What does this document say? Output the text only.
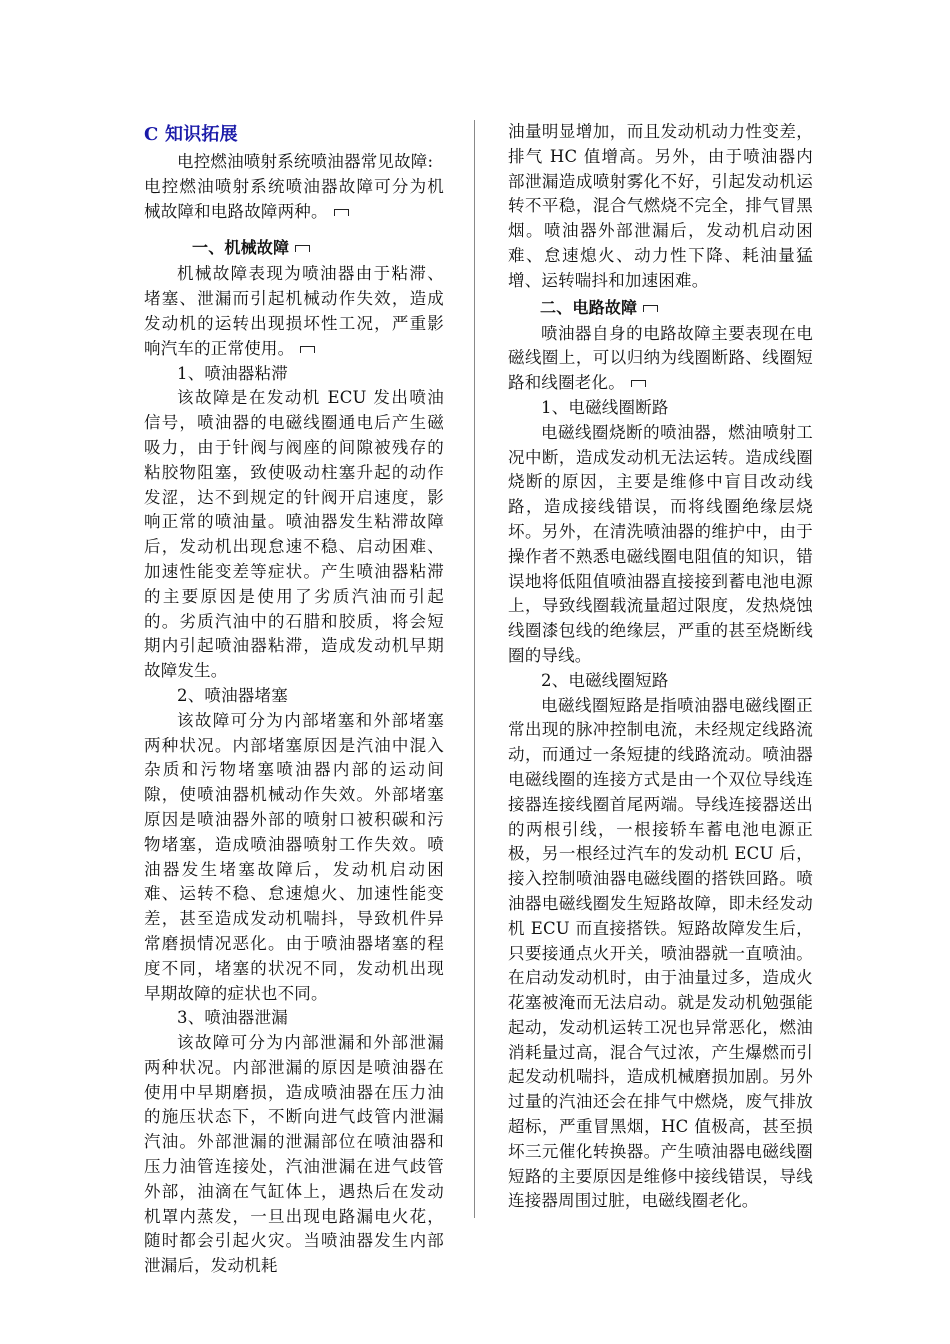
C 知识拓展

电控燃油喷射系统喷油器常见故障:

电控燃油喷射系统喷油器故障可分为机械故障和电路故障两种。

一、机械故障

机械故障表现为喷油器由于粘滞、堵塞、泄漏而引起机械动作失效，造成发动机的运转出现损坏性工况，严重影响汽车的正常使用。

1、喷油器粘滞

该故障是在发动机 ECU 发出喷油信号，喷油器的电磁线圈通电后产生磁吸力，由于针阀与阀座的间隙被残存的粘胶物阻塞，致使吸动柱塞升起的动作发涩，达不到规定的针阀开启速度，影响正常的喷油量。喷油器发生粘滞故障后，发动机出现怠速不稳、启动困难、加速性能变差等症状。产生喷油器粘滞的主要原因是使用了劣质汽油而引起的。劣质汽油中的石腊和胶质，将会短期内引起喷油器粘滞，造成发动机早期故障发生。

2、喷油器堵塞

该故障可分为内部堵塞和外部堵塞两种状况。内部堵塞原因是汽油中混入杂质和污物堵塞喷油器内部的运动间隙，使喷油器机械动作失效。外部堵塞原因是喷油器外部的喷射口被积碳和污物堵塞，造成喷油器喷射工作失效。喷油器发生堵塞故障后，发动机启动困难、运转不稳、怠速熄火、加速性能变差，甚至造成发动机喘抖，导致机件异常磨损情况恶化。由于喷油器堵塞的程度不同，堵塞的状况不同，发动机出现早期故障的症状也不同。

3、喷油器泄漏

该故障可分为内部泄漏和外部泄漏两种状况。内部泄漏的原因是喷油器在使用中早期磨损，造成喷油器在压力油的施压状态下，不断向进气歧管内泄漏汽油。外部泄漏的泄漏部位在喷油器和压力油管连接处，汽油泄漏在进气歧管外部，油滴在气缸体上，遇热后在发动机罩内蒸发，一旦出现电路漏电火花，随时都会引起火灾。当喷油器发生内部泄漏后，发动机耗

油量明显增加，而且发动机动力性变差，排气 HC 值增高。另外，由于喷油器内部泄漏造成喷射雾化不好，引起发动机运转不平稳，混合气燃烧不完全，排气冒黑烟。喷油器外部泄漏后，发动机启动困难、怠速熄火、动力性下降、耗油量猛增、运转喘抖和加速困难。

二、电路故障

喷油器自身的电路故障主要表现在电磁线圈上，可以归纳为线圈断路、线圈短路和线圈老化。

1、电磁线圈断路

电磁线圈烧断的喷油器，燃油喷射工况中断，造成发动机无法运转。造成线圈烧断的原因，主要是维修中盲目改动线路，造成接线错误，而将线圈绝缘层烧坏。另外，在清洗喷油器的维护中，由于操作者不熟悉电磁线圈电阻值的知识，错误地将低阻值喷油器直接接到蓄电池电源上，导致线圈载流量超过限度，发热烧蚀线圈漆包线的绝缘层，严重的甚至烧断线圈的导线。

2、电磁线圈短路

电磁线圈短路是指喷油器电磁线圈正常出现的脉冲控制电流，未经规定线路流动，而通过一条短捷的线路流动。喷油器电磁线圈的连接方式是由一个双位导线连接器连接线圈首尾两端。导线连接器送出的两根引线，一根接轿车蓄电池电源正极，另一根经过汽车的发动机 ECU 后，接入控制喷油器电磁线圈的搭铁回路。喷油器电磁线圈发生短路故障，即未经发动机 ECU 而直接搭铁。短路故障发生后，只要接通点火开关，喷油器就一直喷油。在启动发动机时，由于油量过多，造成火花塞被淹而无法启动。就是发动机勉强能起动，发动机运转工况也异常恶化，燃油消耗量过高，混合气过浓，产生爆燃而引起发动机喘抖，造成机械磨损加剧。另外过量的汽油还会在排气中燃烧，废气排放超标，严重冒黑烟，HC 值极高，甚至损坏三元催化转换器。产生喷油器电磁线圈短路的主要原因是维修中接线错误，导线连接器周围过脏，电磁线圈老化。
